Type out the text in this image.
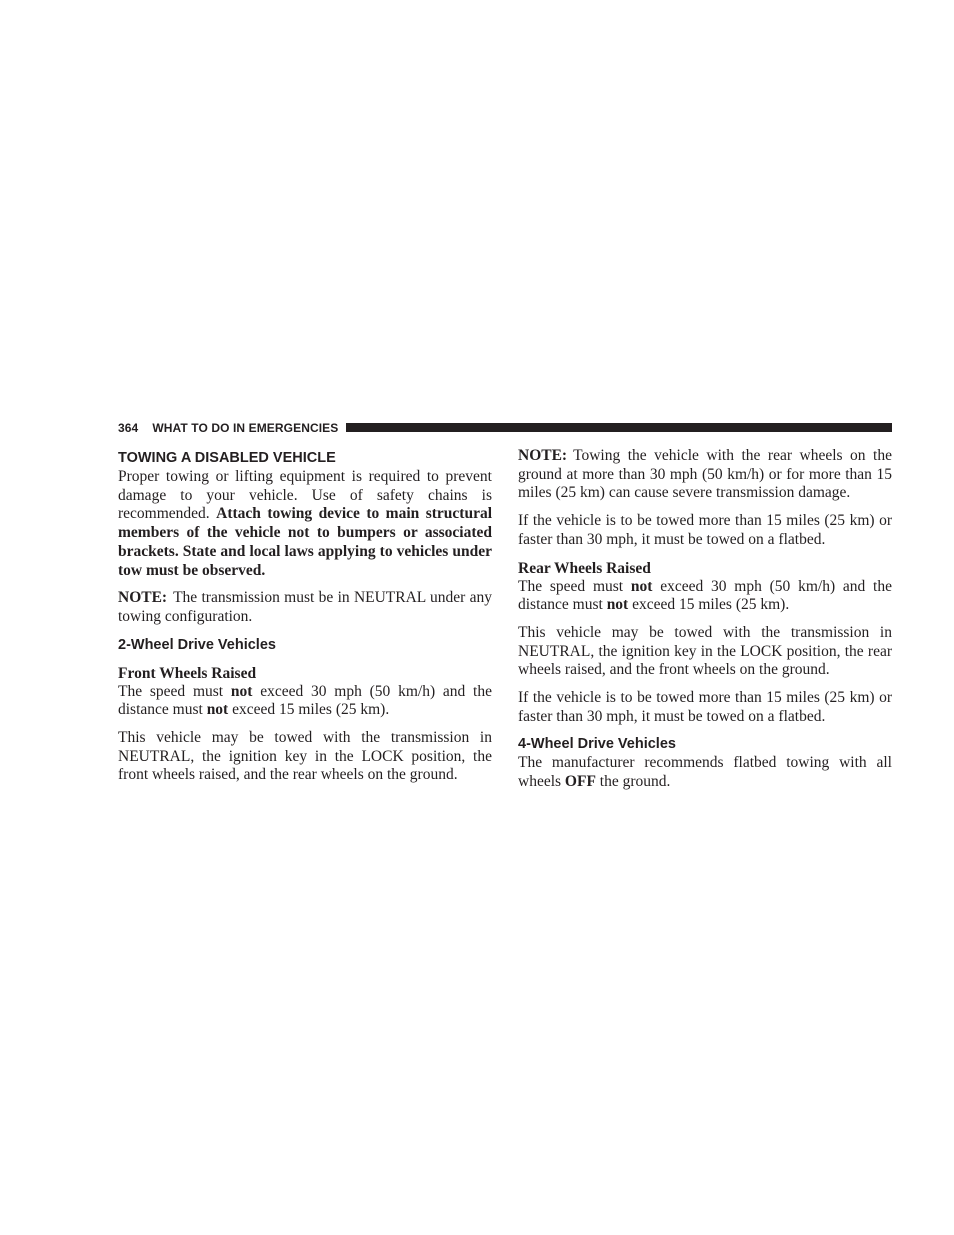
364 WHAT TO DO IN EMERGENCIES
TOWING A DISABLED VEHICLE

Proper towing or lifting equipment is required to prevent damage to your vehicle. Use of safety chains is recommended. Attach towing device to main structural members of the vehicle not to bumpers or associated brackets. State and local laws applying to vehicles under tow must be observed.

NOTE: The transmission must be in NEUTRAL under any towing configuration.

2-Wheel Drive Vehicles
Front Wheels Raised

The speed must not exceed 30 mph (50 km/h) and the distance must not exceed 15 miles (25 km).

This vehicle may be towed with the transmission in NEUTRAL, the ignition key in the LOCK position, the front wheels raised, and the rear wheels on the ground.

NOTE: Towing the vehicle with the rear wheels on the ground at more than 30 mph (50 km/h) or for more than 15 miles (25 km) can cause severe transmission damage.

If the vehicle is to be towed more than 15 miles (25 km) or faster than 30 mph, it must be towed on a flatbed.

Rear Wheels Raised

The speed must not exceed 30 mph (50 km/h) and the distance must not exceed 15 miles (25 km).

This vehicle may be towed with the transmission in NEUTRAL, the ignition key in the LOCK position, the rear wheels raised, and the front wheels on the ground.

If the vehicle is to be towed more than 15 miles (25 km) or faster than 30 mph, it must be towed on a flatbed.

4-Wheel Drive Vehicles

The manufacturer recommends flatbed towing with all wheels OFF the ground.
